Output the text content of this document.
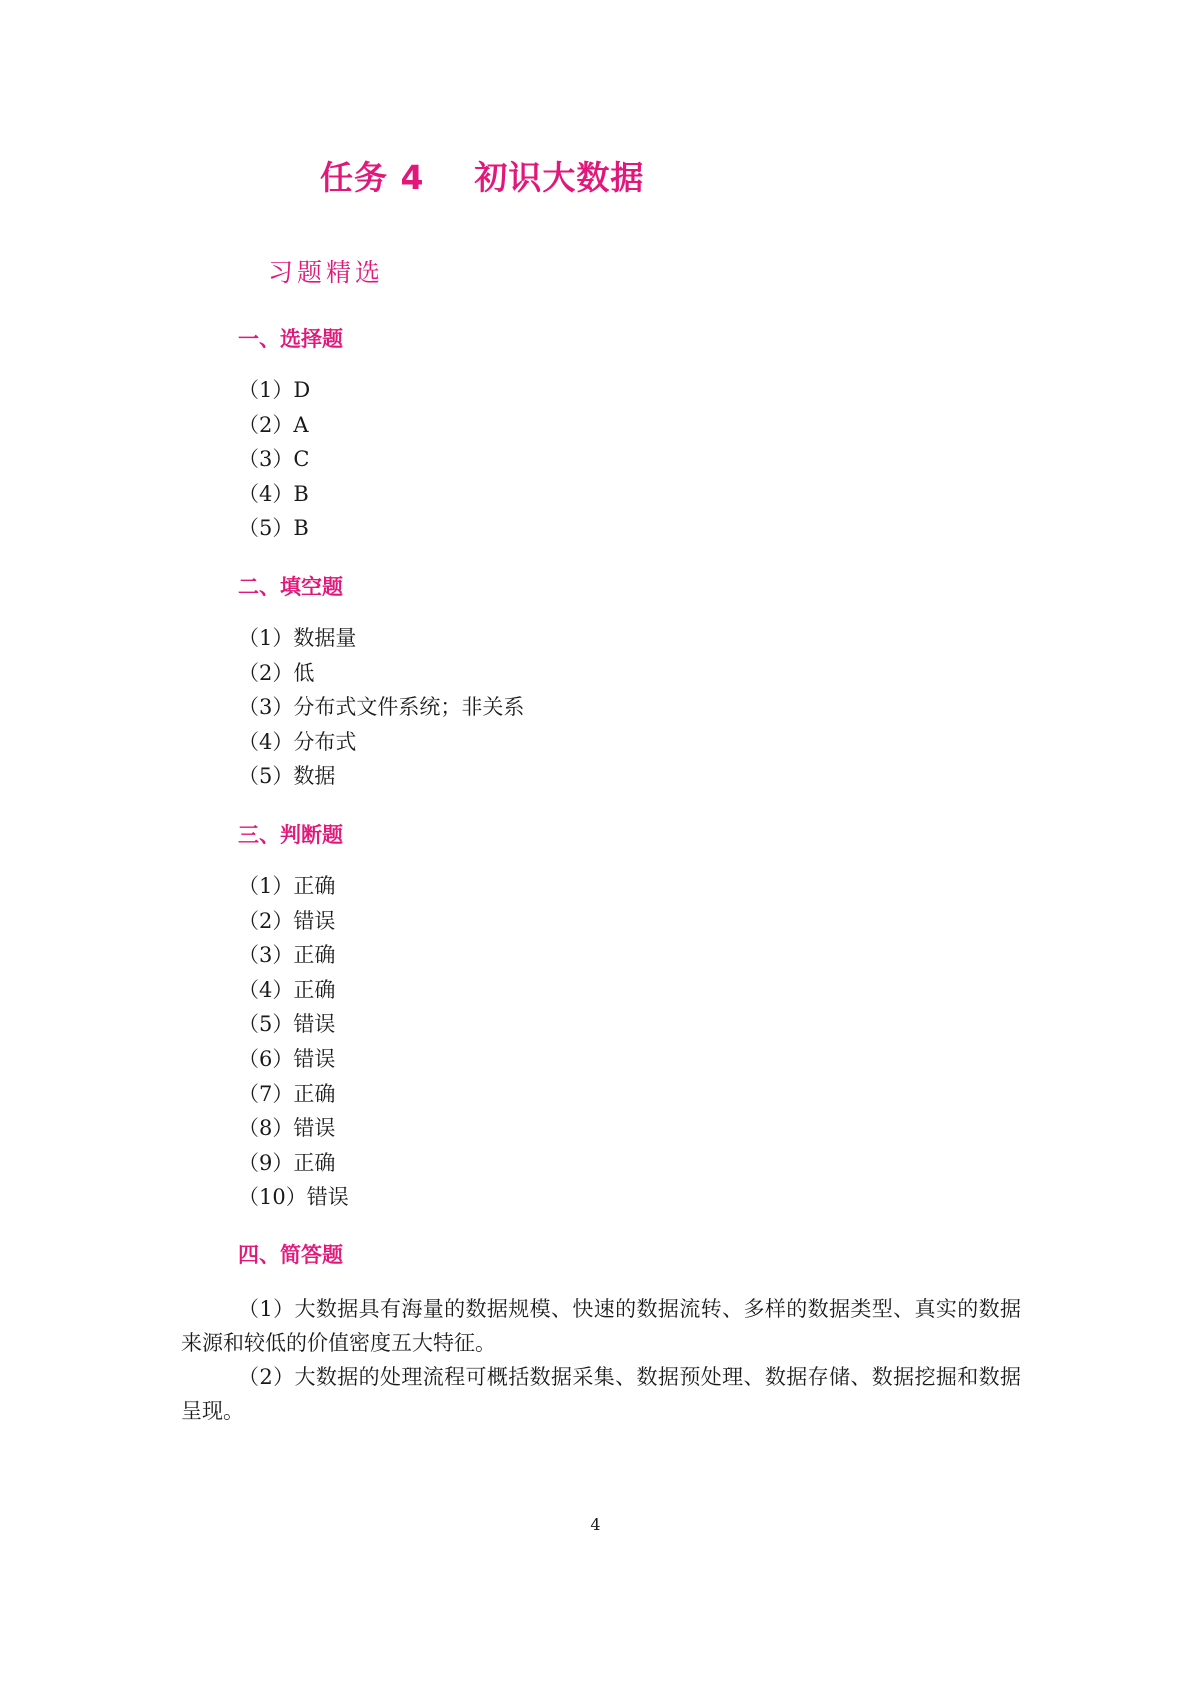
任务 4    初识大数据
习题精选
一、选择题
（1）D
（2）A
（3）C
（4）B
（5）B
二、填空题
（1）数据量
（2）低
（3）分布式文件系统；非关系
（4）分布式
（5）数据
三、判断题
（1）正确
（2）错误
（3）正确
（4）正确
（5）错误
（6）错误
（7）正确
（8）错误
（9）正确
（10）错误
四、简答题

（1）大数据具有海量的数据规模、快速的数据流转、多样的数据类型、真实的数据来源和较低的价值密度五大特征。

（2）大数据的处理流程可概括数据采集、数据预处理、数据存储、数据挖掘和数据呈现。

4
